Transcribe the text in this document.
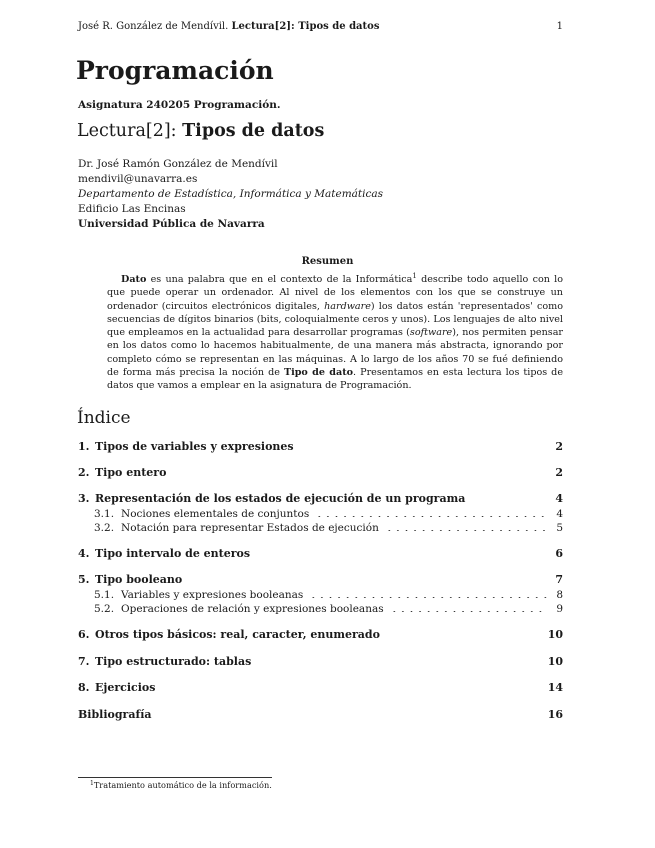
José R. González de Mendívil. Lectura[2]: Tipos de datos	1
Programación
Asignatura 240205 Programación.
Lectura[2]: Tipos de datos
Dr. José Ramón González de Mendívil
mendivil@unavarra.es
Departamento de Estadística, Informática y Matemáticas
Edificio Las Encinas
Universidad Pública de Navarra
Resumen

Dato es una palabra que en el contexto de la Informática$^1$ describe todo aquello con lo que puede operar un ordenador. Al nivel de los elementos con los que se construye un ordenador (circuitos electrónicos digitales, hardware) los datos están 'representados' como secuencias de dígitos binarios (bits, coloquialmente ceros y unos). Los lenguajes de alto nivel que empleamos en la actualidad para desarrollar programas (software), nos permiten pensar en los datos como lo hacemos habitualmente, de una manera más abstracta, ignorando por completo cómo se representan en las máquinas. A lo largo de los años 70 se fué definiendo de forma más precisa la noción de Tipo de dato. Presentamos en esta lectura los tipos de datos que vamos a emplear en la asignatura de Programación.

Índice
1. Tipos de variables y expresiones	2
2. Tipo entero	2
3. Representación de los estados de ejecución de un programa	4
3.1. Nociones elementales de conjuntos	4
3.2. Notación para representar Estados de ejecución	5
4. Tipo intervalo de enteros	6
5. Tipo booleano	7
5.1. Variables y expresiones booleanas	8
5.2. Operaciones de relación y expresiones booleanas	9
6. Otros tipos básicos: real, caracter, enumerado	10
7. Tipo estructurado: tablas	10
8. Ejercicios	14
Bibliografía	16
$^1$Tratamiento automático de la información.
